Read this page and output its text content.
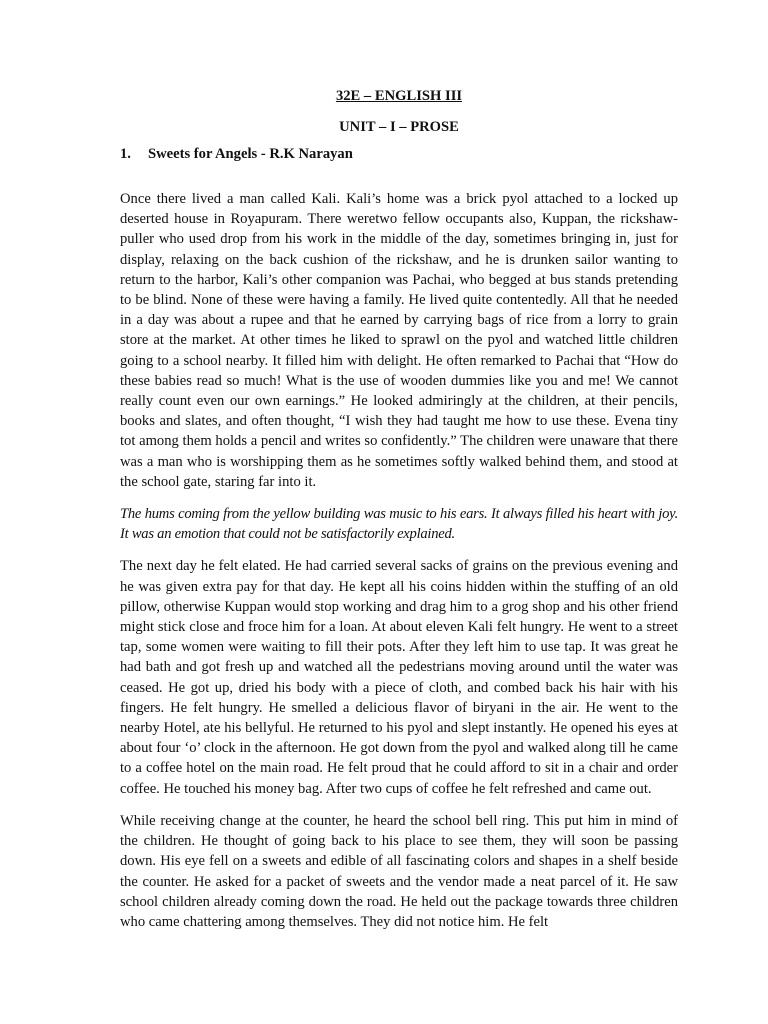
32E – ENGLISH III
UNIT – I – PROSE
1. Sweets for Angels - R.K Narayan

Once there lived a man called Kali. Kali’s home was a brick pyol attached to a locked up deserted house in Royapuram. There weretwo fellow occupants also, Kuppan, the rickshaw-puller who used drop from his work in the middle of the day, sometimes bringing in, just for display, relaxing on the back cushion of the rickshaw, and he is drunken sailor wanting to return to the harbor, Kali’s other companion was Pachai, who begged at bus stands pretending to be blind. None of these were having a family. He lived quite contentedly. All that he needed in a day was about a rupee and that he earned by carrying bags of rice from a lorry to grain store at the market. At other times he liked to sprawl on the pyol and watched little children going to a school nearby. It filled him with delight. He often remarked to Pachai that “How do these babies read so much! What is the use of wooden dummies like you and me! We cannot really count even our own earnings.” He looked admiringly at the children, at their pencils, books and slates, and often thought, “I wish they had taught me how to use these. Evena tiny tot among them holds a pencil and writes so confidently.” The children were unaware that there was a man who is worshipping them as he sometimes softly walked behind them, and stood at the school gate, staring far into it.

The hums coming from the yellow building was music to his ears. It always filled his heart with joy. It was an emotion that could not be satisfactorily explained.

The next day he felt elated. He had carried several sacks of grains on the previous evening and he was given extra pay for that day. He kept all his coins hidden within the stuffing of an old pillow, otherwise Kuppan would stop working and drag him to a grog shop and his other friend might stick close and froce him for a loan. At about eleven Kali felt hungry. He went to a street tap, some women were waiting to fill their pots. After they left him to use tap. It was great he had bath and got fresh up and watched all the pedestrians moving around until the water was ceased. He got up, dried his body with a piece of cloth, and combed back his hair with his fingers. He felt hungry. He smelled a delicious flavor of biryani in the air. He went to the nearby Hotel, ate his bellyful. He returned to his pyol and slept instantly. He opened his eyes at about four ‘o’ clock in the afternoon. He got down from the pyol and walked along till he came to a coffee hotel on the main road. He felt proud that he could afford to sit in a chair and order coffee. He touched his money bag. After two cups of coffee he felt refreshed and came out.

While receiving change at the counter, he heard the school bell ring. This put him in mind of the children. He thought of going back to his place to see them, they will soon be passing down. His eye fell on a sweets and edible of all fascinating colors and shapes in a shelf beside the counter. He asked for a packet of sweets and the vendor made a neat parcel of it. He saw school children already coming down the road. He held out the package towards three children who came chattering among themselves. They did not notice him. He felt
